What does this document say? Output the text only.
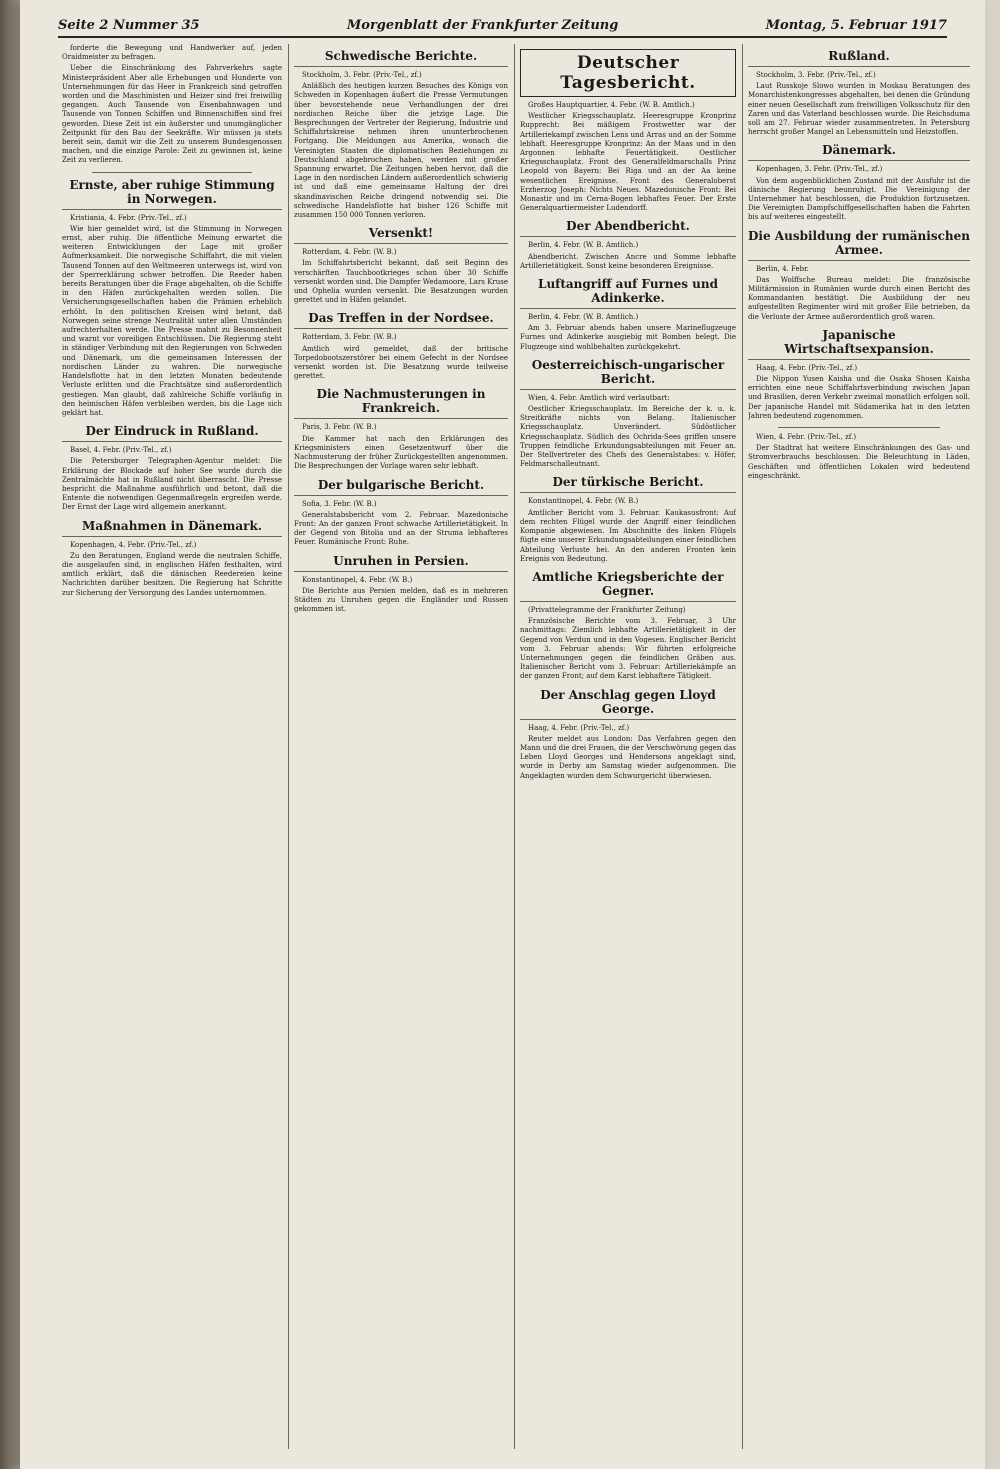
Seite 2 Nummer 35	Morgenblatt der Frankfurter Zeitung	Montag, 5. Februar 1917

forderte die Bewegung und Handwerker auf, jeden Oraidmeister zu befragen.

Ueber die Einschränkung des Fahrverkehrs sagte Ministerpräsident Aber alle Erhebungen und Hunderte von Unternehmungen für das Heer in Frankreich sind getroffen worden und die Maschinisten und Heizer sind frei freiwillig gegangen. Auch Tausende von Eisenbahnwagen und Tausende von Tonnen Schiffen und Binnenschiffen sind frei geworden. Diese Zeit ist ein äußerster und unumgänglicher Zeitpunkt für den Bau der Seekräfte. Wir müssen ja stets bereit sein, damit wir die Zeit zu unserem Bundesgenossen machen, und die einzige Parole: Zeit zu gewinnen ist, keine Zeit zu verlieren.

Ernste, aber ruhige Stimmung in Norwegen.

Kristiania, 4. Febr. (Priv.-Tel., zf.)

Wie hier gemeldet wird, ist die Stimmung in Norwegen ernst, aber ruhig. Die öffentliche Meinung erwartet die weiteren Entwicklungen der Lage mit großer Aufmerksamkeit. Die norwegische Schiffahrt, die mit vielen Tausend Tonnen auf den Weltmeeren unterwegs ist, wird von der Sperrerklärung schwer betroffen. Die Reeder haben bereits Beratungen über die Frage abgehalten, ob die Schiffe in den Häfen zurückgehalten werden sollen. Die Versicherungsgesellschaften haben die Prämien erheblich erhöht. In den politischen Kreisen wird betont, daß Norwegen seine strenge Neutralität unter allen Umständen aufrechterhalten werde. Die Presse mahnt zu Besonnenheit und warnt vor voreiligen Entschlüssen. Die Regierung steht in ständiger Verbindung mit den Regierungen von Schweden und Dänemark, um die gemeinsamen Interessen der nordischen Länder zu wahren. Die norwegische Handelsflotte hat in den letzten Monaten bedeutende Verluste erlitten und die Frachtsätze sind außerordentlich gestiegen. Man glaubt, daß zahlreiche Schiffe vorläufig in den heimischen Häfen verbleiben werden, bis die Lage sich geklärt hat.

Der Eindruck in Rußland.

Basel, 4. Febr. (Priv.-Tel., zf.)

Die Petersburger Telegraphen-Agentur meldet: Die Erklärung der Blockade auf hoher See wurde durch die Zentralmächte hat in Rußland nicht überrascht. Die Presse bespricht die Maßnahme ausführlich und betont, daß die Entente die notwendigen Gegenmaßregeln ergreifen werde. Der Ernst der Lage wird allgemein anerkannt.

Maßnahmen in Dänemark.

Kopenhagen, 4. Febr. (Priv.-Tel., zf.)

Zu den Beratungen, England werde die neutralen Schiffe, die ausgelaufen sind, in englischen Häfen festhalten, wird amtlich erklärt, daß die dänischen Reedereien keine Nachrichten darüber besitzen. Die Regierung hat Schritte zur Sicherung der Versorgung des Landes unternommen.

Schwedische Berichte.

Stockholm, 3. Febr. (Priv.-Tel., zf.)

Anläßlich des heutigen kurzen Besuches des Königs von Schweden in Kopenhagen äußert die Presse Vermutungen über bevorstehende neue Verhandlungen der drei nordischen Reiche über die jetzige Lage. Die Besprechungen der Vertreter der Regierung, Industrie und Schiffahrtskreise nehmen ihren ununterbrochenen Fortgang. Die Meldungen aus Amerika, wonach die Vereinigten Staaten die diplomatischen Beziehungen zu Deutschland abgebrochen haben, werden mit großer Spannung erwartet. Die Zeitungen heben hervor, daß die Lage in den nordischen Ländern außerordentlich schwierig ist und daß eine gemeinsame Haltung der drei skandinavischen Reiche dringend notwendig sei. Die schwedische Handelsflotte hat bisher 126 Schiffe mit zusammen 150 000 Tonnen verloren.

Versenkt!

Rotterdam, 4. Febr. (W. B.)

Im Schiffahrtsbericht bekannt, daß seit Beginn des verschärften Tauchbootkrieges schon über 30 Schiffe versenkt worden sind. Die Dampfer Wedamoore, Lars Kruse und Ophelia wurden versenkt. Die Besatzungen wurden gerettet und in Häfen gelandet.

Das Treffen in der Nordsee.

Rotterdam, 3. Febr. (W. B.)

Amtlich wird gemeldet, daß der britische Torpedobootszerstörer bei einem Gefecht in der Nordsee versenkt worden ist. Die Besatzung wurde teilweise gerettet.

Die Nachmusterungen in Frankreich.

Paris, 3. Febr. (W. B.)

Die Kammer hat nach den Erklärungen des Kriegsministers einen Gesetzentwurf über die Nachmusterung der früher Zurückgestellten angenommen. Die Besprechungen der Vorlage waren sehr lebhaft.

Der bulgarische Bericht.

Sofia, 3. Febr. (W. B.)

Generalstabsbericht vom 2. Februar. Mazedonische Front: An der ganzen Front schwache Artillerietätigkeit. In der Gegend von Bitolia und an der Struma lebhafteres Feuer. Rumänische Front: Ruhe.

Unruhen in Persien.

Konstantinopel, 4. Febr. (W. B.)

Die Berichte aus Persien melden, daß es in mehreren Städten zu Unruhen gegen die Engländer und Russen gekommen ist.

Deutscher Tagesbericht.

Großes Hauptquartier, 4. Febr. (W. B. Amtlich.)

Westlicher Kriegsschauplatz. Heeresgruppe Kronprinz Rupprecht: Bei mäßigem Frostwetter war der Artilleriekampf zwischen Lens und Arras und an der Somme lebhaft. Heeresgruppe Kronprinz: An der Maas und in den Argonnen lebhafte Feuertätigkeit. Oestlicher Kriegsschauplatz. Front des Generalfeldmarschalls Prinz Leopold von Bayern: Bei Riga und an der Aa keine wesentlichen Ereignisse. Front des Generaloberst Erzherzog Joseph: Nichts Neues. Mazedonische Front: Bei Monastir und im Cerna-Bogen lebhaftes Feuer. Der Erste Generalquartiermeister Ludendorff.

Der Abendbericht.

Berlin, 4. Febr. (W. B. Amtlich.)

Abendbericht. Zwischen Ancre und Somme lebhafte Artillerietätigkeit. Sonst keine besonderen Ereignisse.

Luftangriff auf Furnes und Adinkerke.

Berlin, 4. Febr. (W. B. Amtlich.)

Am 3. Februar abends haben unsere Marineflugzeuge Furnes und Adinkerke ausgiebig mit Bomben belegt. Die Flugzeuge sind wohlbehalten zurückgekehrt.

Oesterreichisch-ungarischer Bericht.

Wien, 4. Febr. Amtlich wird verlautbart:

Oestlicher Kriegsschauplatz. Im Bereiche der k. u. k. Streitkräfte nichts von Belang. Italienischer Kriegsschauplatz. Unverändert. Südöstlicher Kriegsschauplatz. Südlich des Ochrida-Sees griffen unsere Truppen feindliche Erkundungsabteilungen mit Feuer an. Der Stellvertreter des Chefs des Generalstabes: v. Höfer, Feldmarschalleutnant.

Der türkische Bericht.

Konstantinopel, 4. Febr. (W. B.)

Amtlicher Bericht vom 3. Februar. Kaukasusfront: Auf dem rechten Flügel wurde der Angriff einer feindlichen Kompanie abgewiesen. Im Abschnitte des linken Flügels fügte eine unserer Erkundungsabteilungen einer feindlichen Abteilung Verluste bei. An den anderen Fronten kein Ereignis von Bedeutung.

Amtliche Kriegsberichte der Gegner.

(Privattelegramme der Frankfurter Zeitung)

Französische Berichte vom 3. Februar, 3 Uhr nachmittags: Ziemlich lebhafte Artillerietätigkeit in der Gegend von Verdun und in den Vogesen. Englischer Bericht vom 3. Februar abends: Wir führten erfolgreiche Unternehmungen gegen die feindlichen Gräben aus. Italienischer Bericht vom 3. Februar: Artilleriekämpfe an der ganzen Front; auf dem Karst lebhaftere Tätigkeit.

Der Anschlag gegen Lloyd George.

Haag, 4. Febr. (Priv.-Tel., zf.)

Reuter meldet aus London: Das Verfahren gegen den Mann und die drei Frauen, die der Verschwörung gegen das Leben Lloyd Georges und Hendersons angeklagt sind, wurde in Derby am Samstag wieder aufgenommen. Die Angeklagten wurden dem Schwurgericht überwiesen.

Rußland.

Stockholm, 3. Febr. (Priv.-Tel., zf.)

Laut Russkoje Slowo wurden in Moskau Beratungen des Monarchistenkongresses abgehalten, bei denen die Gründung einer neuen Gesellschaft zum freiwilligen Volksschutz für den Zaren und das Vaterland beschlossen wurde. Die Reichsduma soll am 27. Februar wieder zusammentreten. In Petersburg herrscht großer Mangel an Lebensmitteln und Heizstoffen.

Dänemark.

Kopenhagen, 3. Febr. (Priv.-Tel., zf.)

Von dem augenblicklichen Zustand mit der Ausfuhr ist die dänische Regierung beunruhigt. Die Vereinigung der Unternehmer hat beschlossen, die Produktion fortzusetzen. Die Vereinigten Dampfschiffgesellschaften haben die Fahrten bis auf weiteres eingestellt.

Die Ausbildung der rumänischen Armee.

Berlin, 4. Febr.

Das Wolffsche Bureau meldet: Die französische Militärmission in Rumänien wurde durch einen Bericht des Kommandanten bestätigt. Die Ausbildung der neu aufgestellten Regimenter wird mit großer Eile betrieben, da die Verluste der Armee außerordentlich groß waren.

Japanische Wirtschaftsexpansion.

Haag, 4. Febr. (Priv.-Tel., zf.)

Die Nippon Yusen Kaisha und die Osaka Shosen Kaisha errichten eine neue Schiffahrtsverbindung zwischen Japan und Brasilien, deren Verkehr zweimal monatlich erfolgen soll. Der japanische Handel mit Südamerika hat in den letzten Jahren bedeutend zugenommen.

Wien, 4. Febr. (Priv.-Tel., zf.)

Der Stadtrat hat weitere Einschränkungen des Gas- und Stromverbrauchs beschlossen. Die Beleuchtung in Läden, Geschäften und öffentlichen Lokalen wird bedeutend eingeschränkt.
